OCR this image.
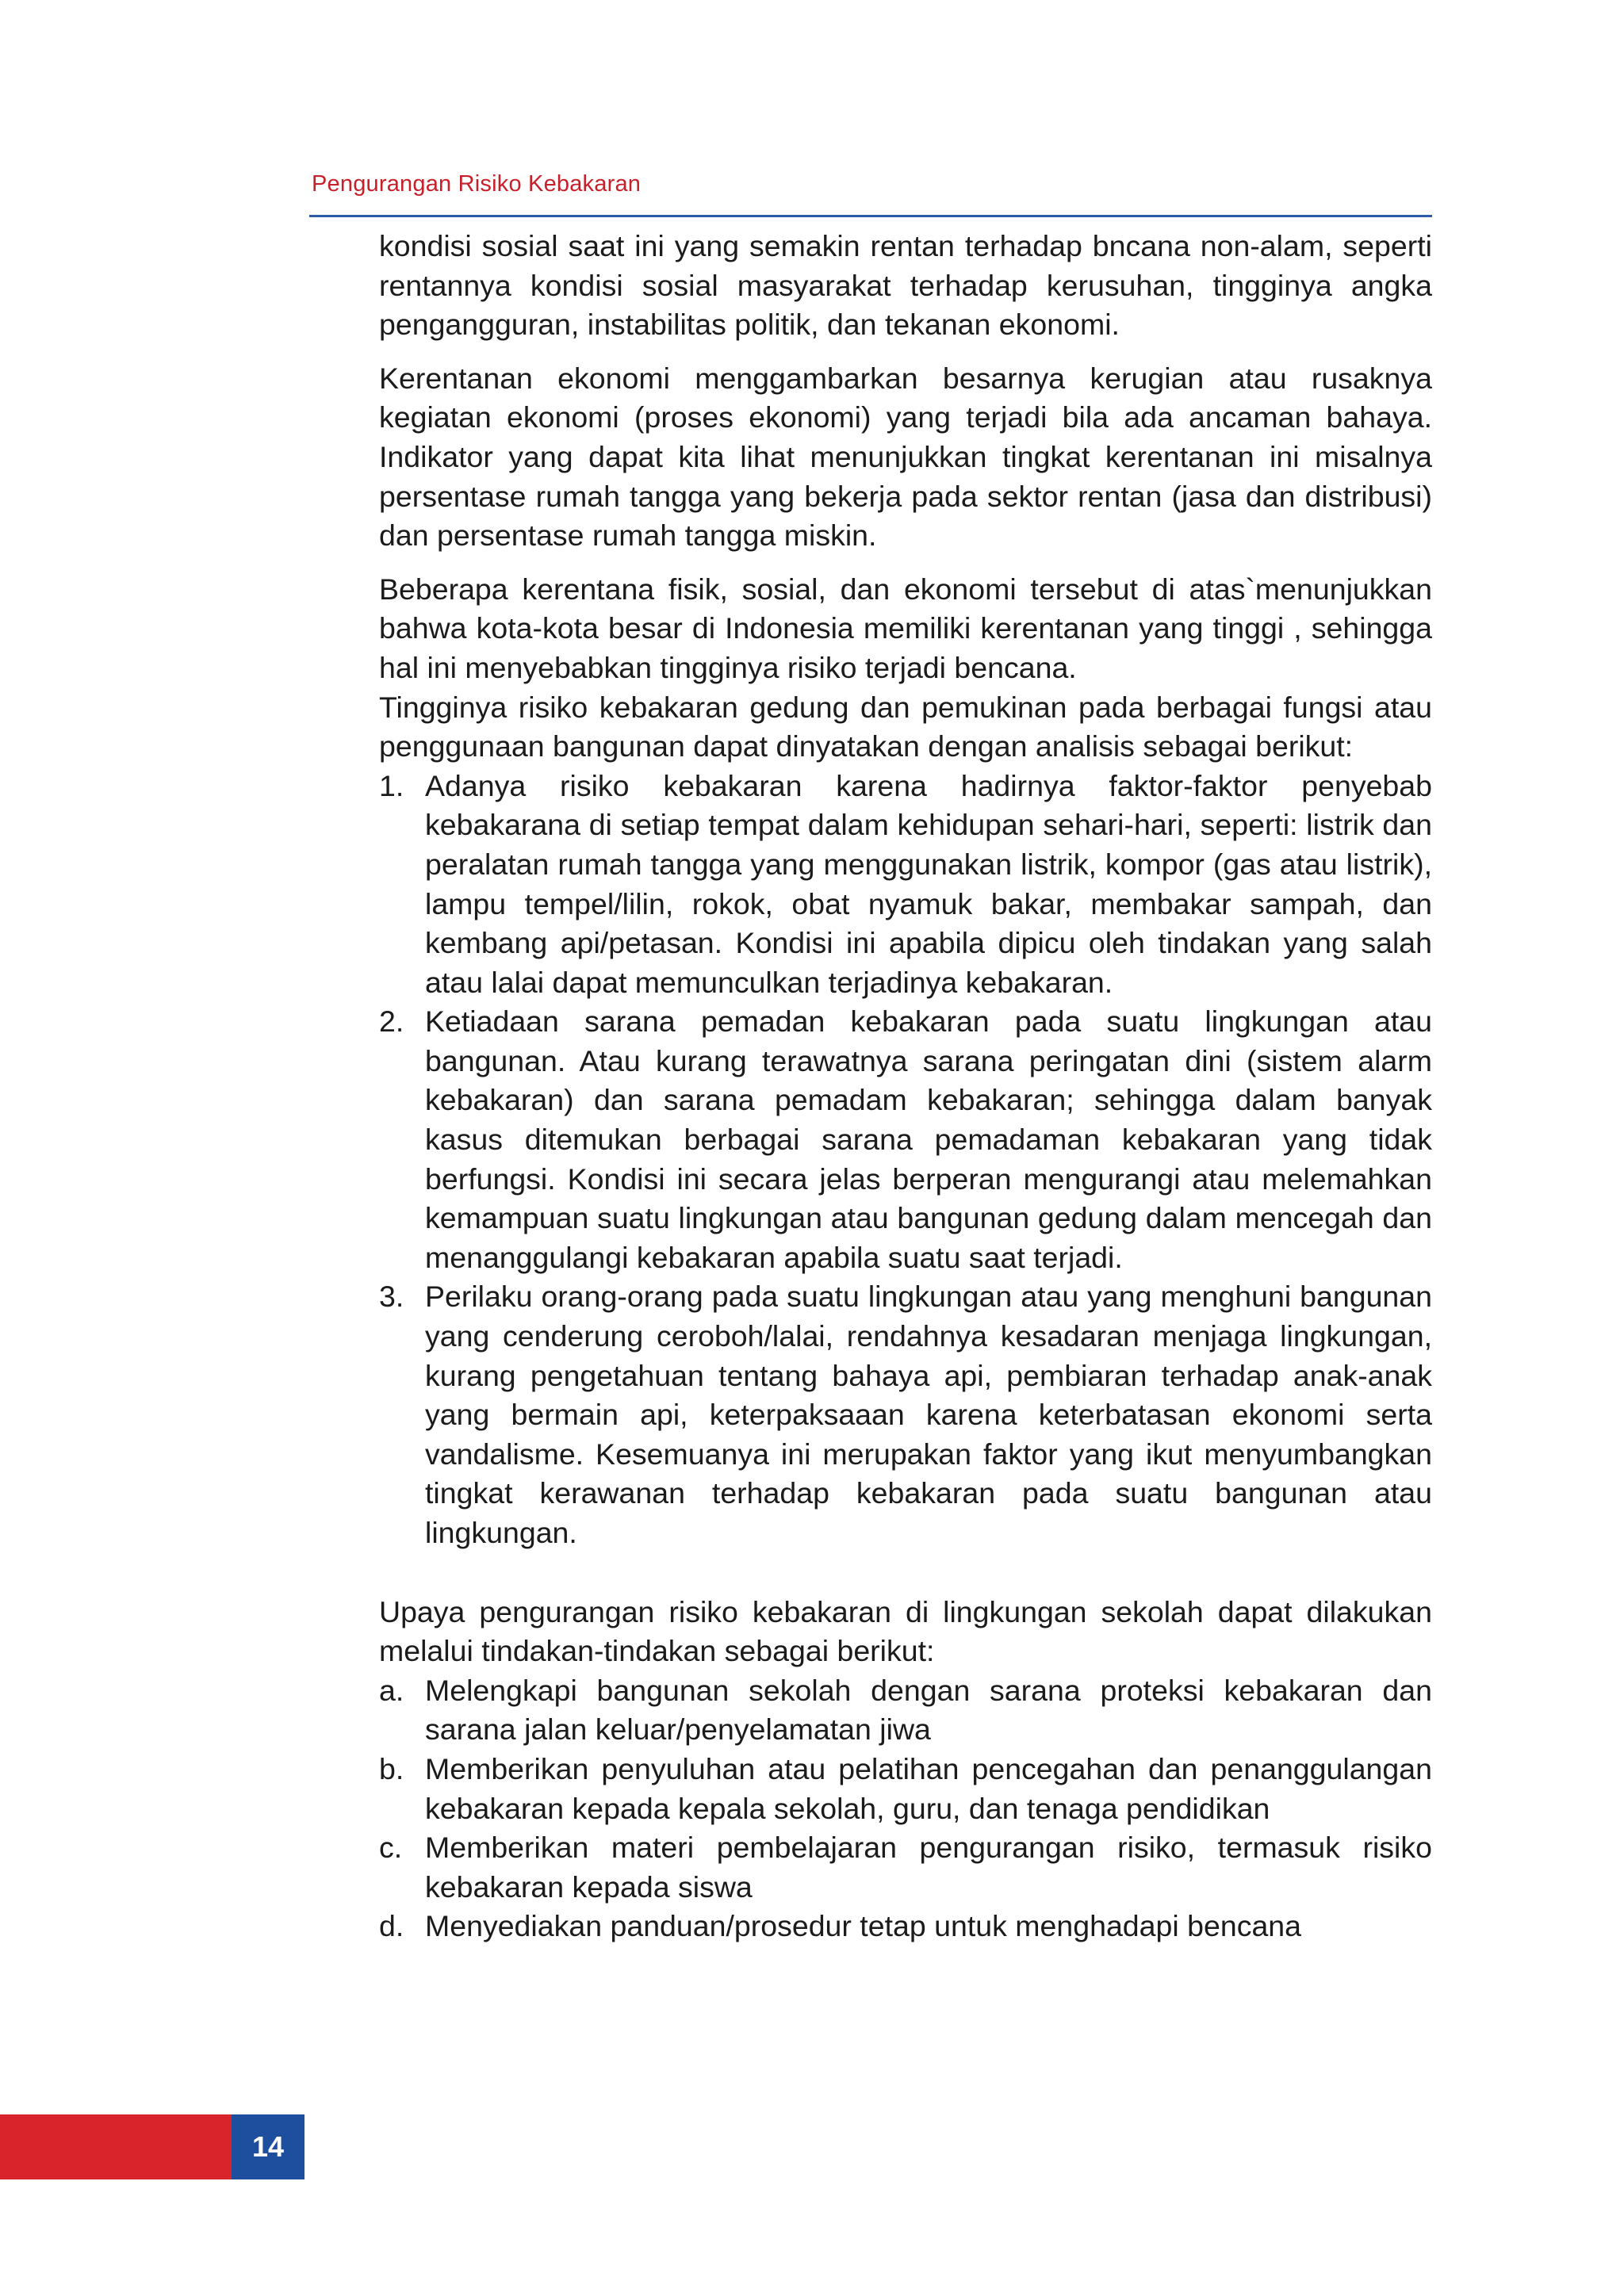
Pengurangan Risiko Kebakaran

kondisi sosial saat ini yang semakin rentan terhadap bncana non-alam, seperti rentannya kondisi sosial masyarakat terhadap kerusuhan, tingginya angka pengangguran, instabilitas politik, dan tekanan ekonomi.

Kerentanan ekonomi menggambarkan besarnya kerugian atau rusaknya kegiatan ekonomi (proses ekonomi) yang terjadi bila ada ancaman bahaya. Indikator yang dapat kita lihat menunjukkan tingkat kerentanan ini misalnya persentase rumah tangga yang bekerja pada sektor rentan (jasa dan distribusi) dan persentase rumah tangga miskin.

Beberapa kerentana fisik, sosial, dan ekonomi tersebut di atas`menunjukkan bahwa kota-kota besar di Indonesia memiliki kerentanan yang tinggi , sehingga hal ini menyebabkan tingginya risiko terjadi bencana.

Tingginya risiko kebakaran gedung dan pemukinan pada berbagai fungsi atau penggunaan bangunan dapat dinyatakan dengan analisis sebagai berikut:

1. Adanya risiko kebakaran karena hadirnya faktor-faktor penyebab kebakarana di setiap tempat dalam kehidupan sehari-hari, seperti: listrik dan peralatan rumah tangga yang menggunakan listrik, kompor (gas atau listrik), lampu tempel/lilin, rokok, obat nyamuk bakar, membakar sampah, dan kembang api/petasan. Kondisi ini apabila dipicu oleh tindakan yang salah atau lalai dapat memunculkan terjadinya kebakaran.
2. Ketiadaan sarana pemadan kebakaran pada suatu lingkungan atau bangunan. Atau kurang terawatnya sarana peringatan dini (sistem alarm kebakaran) dan sarana pemadam kebakaran; sehingga dalam banyak kasus ditemukan berbagai sarana pemadaman kebakaran yang tidak berfungsi. Kondisi ini secara jelas berperan mengurangi atau melemahkan kemampuan suatu lingkungan atau bangunan gedung dalam mencegah dan menanggulangi kebakaran apabila suatu saat terjadi.
3. Perilaku orang-orang pada suatu lingkungan atau yang menghuni bangunan yang cenderung ceroboh/lalai, rendahnya kesadaran menjaga lingkungan, kurang pengetahuan tentang bahaya api, pembiaran terhadap anak-anak yang bermain api, keterpaksaaan karena keterbatasan ekonomi serta vandalisme. Kesemuanya ini merupakan faktor yang ikut menyumbangkan tingkat kerawanan terhadap kebakaran pada suatu bangunan atau lingkungan.

Upaya pengurangan risiko kebakaran di lingkungan sekolah dapat dilakukan melalui tindakan-tindakan sebagai berikut:

a. Melengkapi bangunan sekolah dengan sarana proteksi kebakaran dan sarana jalan keluar/penyelamatan jiwa
b. Memberikan penyuluhan atau pelatihan pencegahan dan penanggulangan kebakaran kepada kepala sekolah, guru, dan tenaga pendidikan
c. Memberikan materi pembelajaran pengurangan risiko, termasuk risiko kebakaran kepada siswa
d. Menyediakan panduan/prosedur tetap untuk menghadapi bencana
14
